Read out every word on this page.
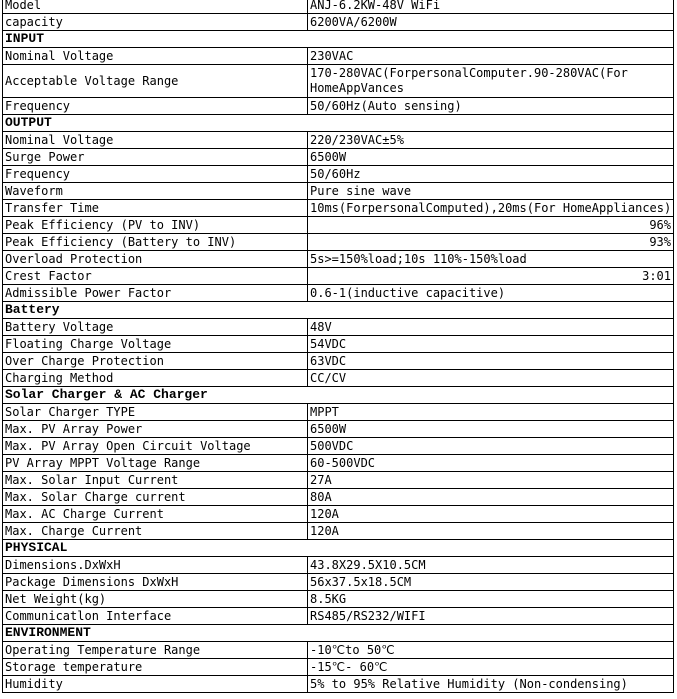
Model	ANJ-6.2KW-48V WiFi
capacity	6200VA/6200W
INPUT	
Nominal Voltage	230VAC
Acceptable Voltage Range	170-280VAC(ForpersonalComputer.90-280VAC(For HomeAppVances
Frequency	50/60Hz(Auto sensing)
OUTPUT	
Nominal Voltage	220/230VAC±5%
Surge Power	6500W
Frequency	50/60Hz
Waveform	Pure sine wave
Transfer Time	10ms(ForpersonalComputed),20ms(For HomeAppliances)
Peak Efficiency (PV to INV)	96%
Peak Efficiency (Battery to INV)	93%
Overload Protection	5s>=150%load;10s 110%-150%load
Crest Factor	3:01
Admissible Power Factor	0.6-1(inductive capacitive)
Battery	
Battery Voltage	48V
Floating Charge Voltage	54VDC
Over Charge Protection	63VDC
Charging Method	CC/CV
Solar Charger & AC Charger	
Solar Charger TYPE	MPPT
Max. PV Array Power	6500W
Max. PV Array Open Circuit Voltage	500VDC
PV Array MPPT Voltage Range	60-500VDC
Max. Solar Input Current	27A
Max. Solar Charge current	80A
Max. AC Charge Current	120A
Max. Charge Current	120A
PHYSICAL	
Dimensions.DxWxH	43.8X29.5X10.5CM
Package Dimensions DxWxH	56x37.5x18.5CM
Net Weight(kg)	8.5KG
Communicatlon Interface	RS485/RS232/WIFI
ENVIRONMENT	
Operating Temperature Range	-10℃to 50℃
Storage temperature	-15℃- 60℃
Humidity	5% to 95% Relative Humidity (Non-condensing)
